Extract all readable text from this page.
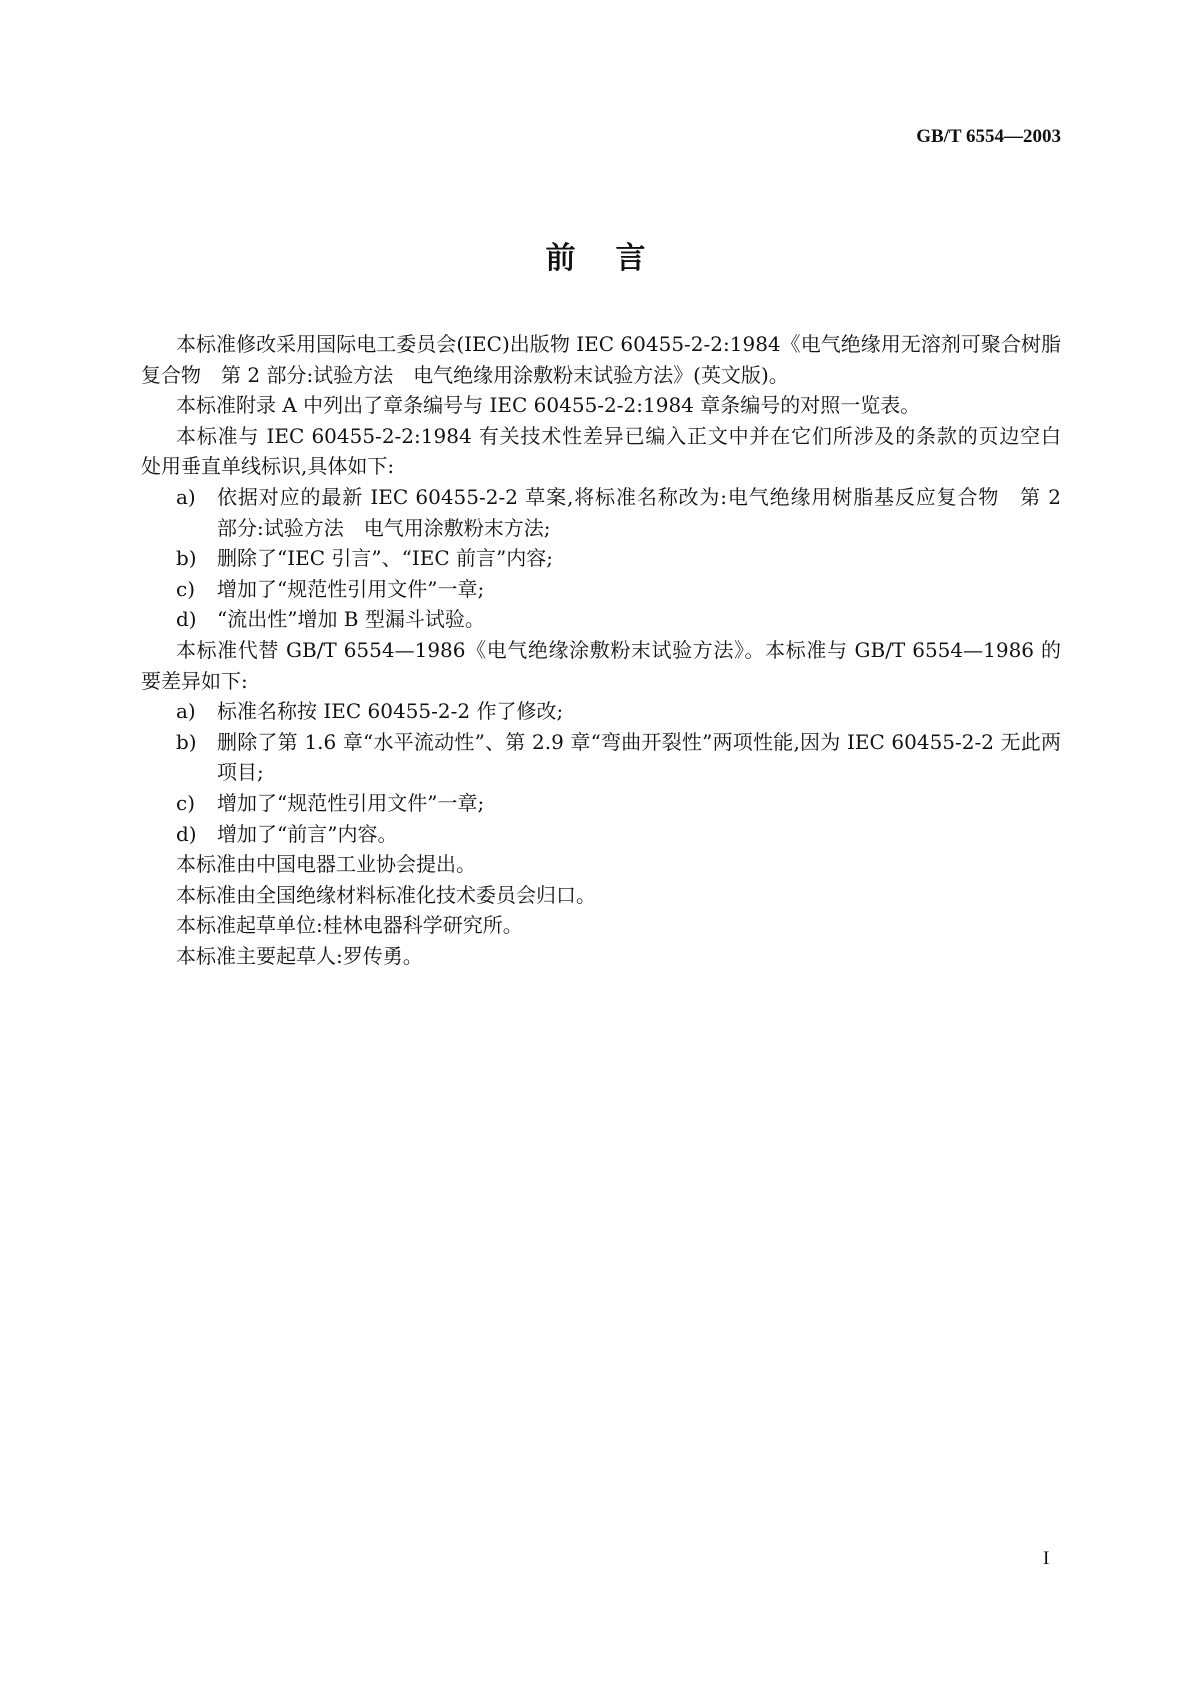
GB/T 6554—2003
前言
本标准修改采用国际电工委员会(IEC)出版物 IEC 60455-2-2:1984《电气绝缘用无溶剂可聚合树脂
复合物　第 2 部分:试验方法　电气绝缘用涂敷粉末试验方法》(英文版)。
本标准附录 A 中列出了章条编号与 IEC 60455-2-2:1984 章条编号的对照一览表。
本标准与 IEC 60455-2-2:1984 有关技术性差异已编入正文中并在它们所涉及的条款的页边空白
处用垂直单线标识,具体如下:
a) 依据对应的最新 IEC 60455-2-2 草案,将标准名称改为:电气绝缘用树脂基反应复合物　第 2
部分:试验方法　电气用涂敷粉末方法;
b) 删除了“IEC 引言”、“IEC 前言”内容;
c) 增加了“规范性引用文件”一章;
d) “流出性”增加 B 型漏斗试验。
本标准代替 GB/T 6554—1986《电气绝缘涂敷粉末试验方法》。本标准与 GB/T 6554—1986 的
要差异如下:
a) 标准名称按 IEC 60455-2-2 作了修改;
b) 删除了第 1.6 章“水平流动性”、第 2.9 章“弯曲开裂性”两项性能,因为 IEC 60455-2-2 无此两
项目;
c) 增加了“规范性引用文件”一章;
d) 增加了“前言”内容。
本标准由中国电器工业协会提出。
本标准由全国绝缘材料标准化技术委员会归口。
本标准起草单位:桂林电器科学研究所。
本标准主要起草人:罗传勇。
I
